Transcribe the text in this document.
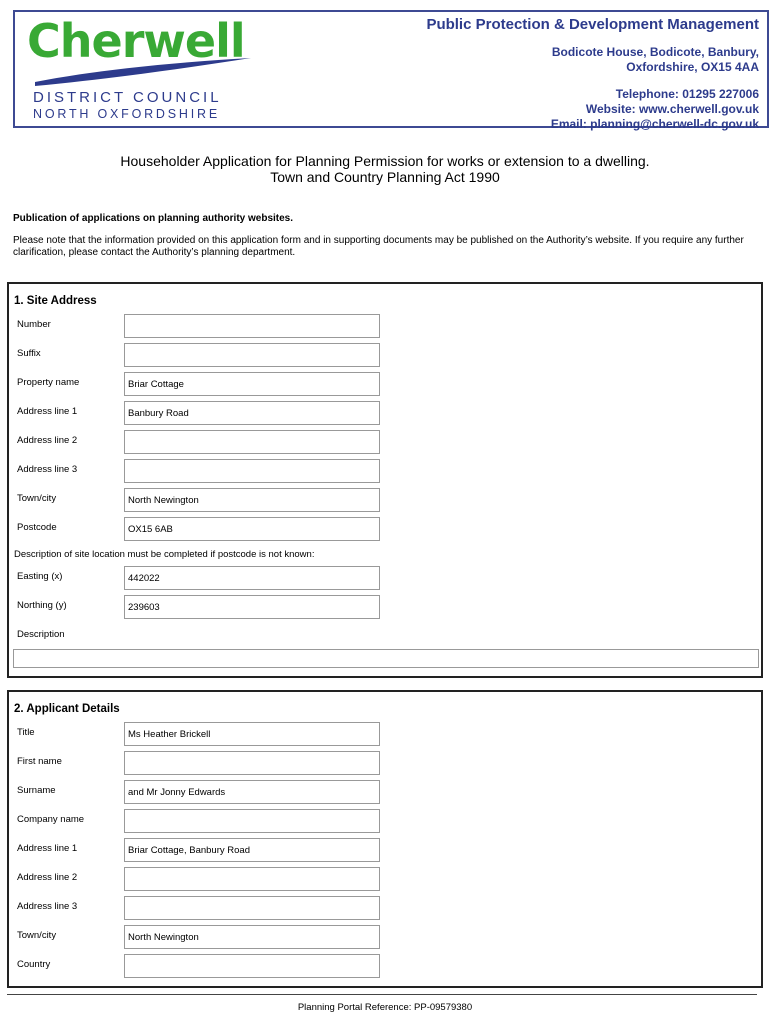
Cherwell
DISTRICT COUNCIL
NORTH OXFORDSHIRE
Public Protection & Development Management
Bodicote House, Bodicote, Banbury,
Oxfordshire, OX15 4AA
Telephone: 01295 227006
Website: www.cherwell.gov.uk
Email: planning@cherwell-dc.gov.uk
Householder Application for Planning Permission for works or extension to a dwelling.
Town and Country Planning Act 1990
Publication of applications on planning authority websites.
Please note that the information provided on this application form and in supporting documents may be published on the Authority’s website. If you require any further clarification, please contact the Authority’s planning department.
1. Site Address
Number
Suffix
Property name	Briar Cottage
Address line 1	Banbury Road
Address line 2
Address line 3
Town/city	North Newington
Postcode	OX15 6AB
Description of site location must be completed if postcode is not known:
Easting (x)	442022
Northing (y)	239603
Description
2. Applicant Details
Title	Ms Heather Brickell
First name
Surname	and Mr Jonny Edwards
Company name
Address line 1	Briar Cottage, Banbury Road
Address line 2
Address line 3
Town/city	North Newington
Country
Planning Portal Reference: PP-09579380
